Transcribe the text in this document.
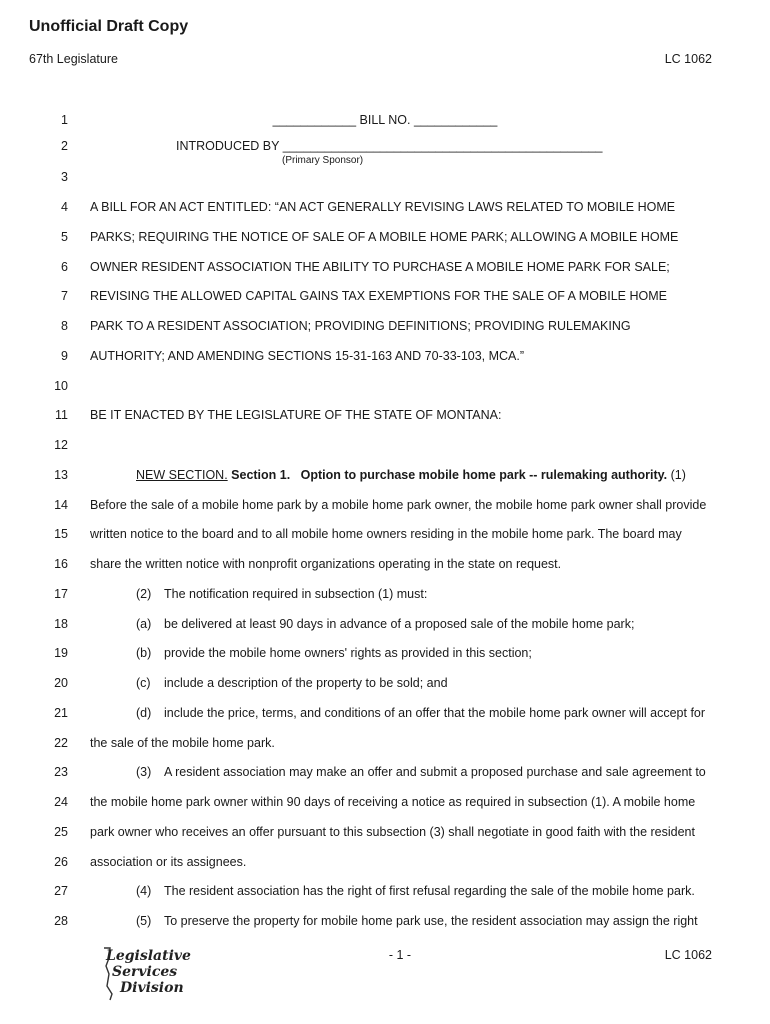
Unofficial Draft Copy
67th Legislature	LC 1062
1	____________ BILL NO. ____________
2	INTRODUCED BY ______________________________________________
3
4 A BILL FOR AN ACT ENTITLED: “AN ACT GENERALLY REVISING LAWS RELATED TO MOBILE HOME
5 PARKS; REQUIRING THE NOTICE OF SALE OF A MOBILE HOME PARK; ALLOWING A MOBILE HOME
6 OWNER RESIDENT ASSOCIATION THE ABILITY TO PURCHASE A MOBILE HOME PARK FOR SALE;
7 REVISING THE ALLOWED CAPITAL GAINS TAX EXEMPTIONS FOR THE SALE OF A MOBILE HOME
8 PARK TO A RESIDENT ASSOCIATION; PROVIDING DEFINITIONS; PROVIDING RULEMAKING
9 AUTHORITY; AND AMENDING SECTIONS 15-31-163 AND 70-33-103, MCA.”
10
11 BE IT ENACTED BY THE LEGISLATURE OF THE STATE OF MONTANA:
12
13	NEW SECTION. Section 1. Option to purchase mobile home park -- rulemaking authority. (1)
14 Before the sale of a mobile home park by a mobile home park owner, the mobile home park owner shall provide
15 written notice to the board and to all mobile home owners residing in the mobile home park. The board may
16 share the written notice with nonprofit organizations operating in the state on request.
17	(2) The notification required in subsection (1) must:
18	(a) be delivered at least 90 days in advance of a proposed sale of the mobile home park;
19	(b) provide the mobile home owners' rights as provided in this section;
20	(c) include a description of the property to be sold; and
21	(d) include the price, terms, and conditions of an offer that the mobile home park owner will accept for
22 the sale of the mobile home park.
23	(3) A resident association may make an offer and submit a proposed purchase and sale agreement to
24 the mobile home park owner within 90 days of receiving a notice as required in subsection (1). A mobile home
25 park owner who receives an offer pursuant to this subsection (3) shall negotiate in good faith with the resident
26 association or its assignees.
27	(4) The resident association has the right of first refusal regarding the sale of the mobile home park.
28	(5) To preserve the property for mobile home park use, the resident association may assign the right
(Primary Sponsor)
- 1 -	LC 1062
Legislative
Services
Division
